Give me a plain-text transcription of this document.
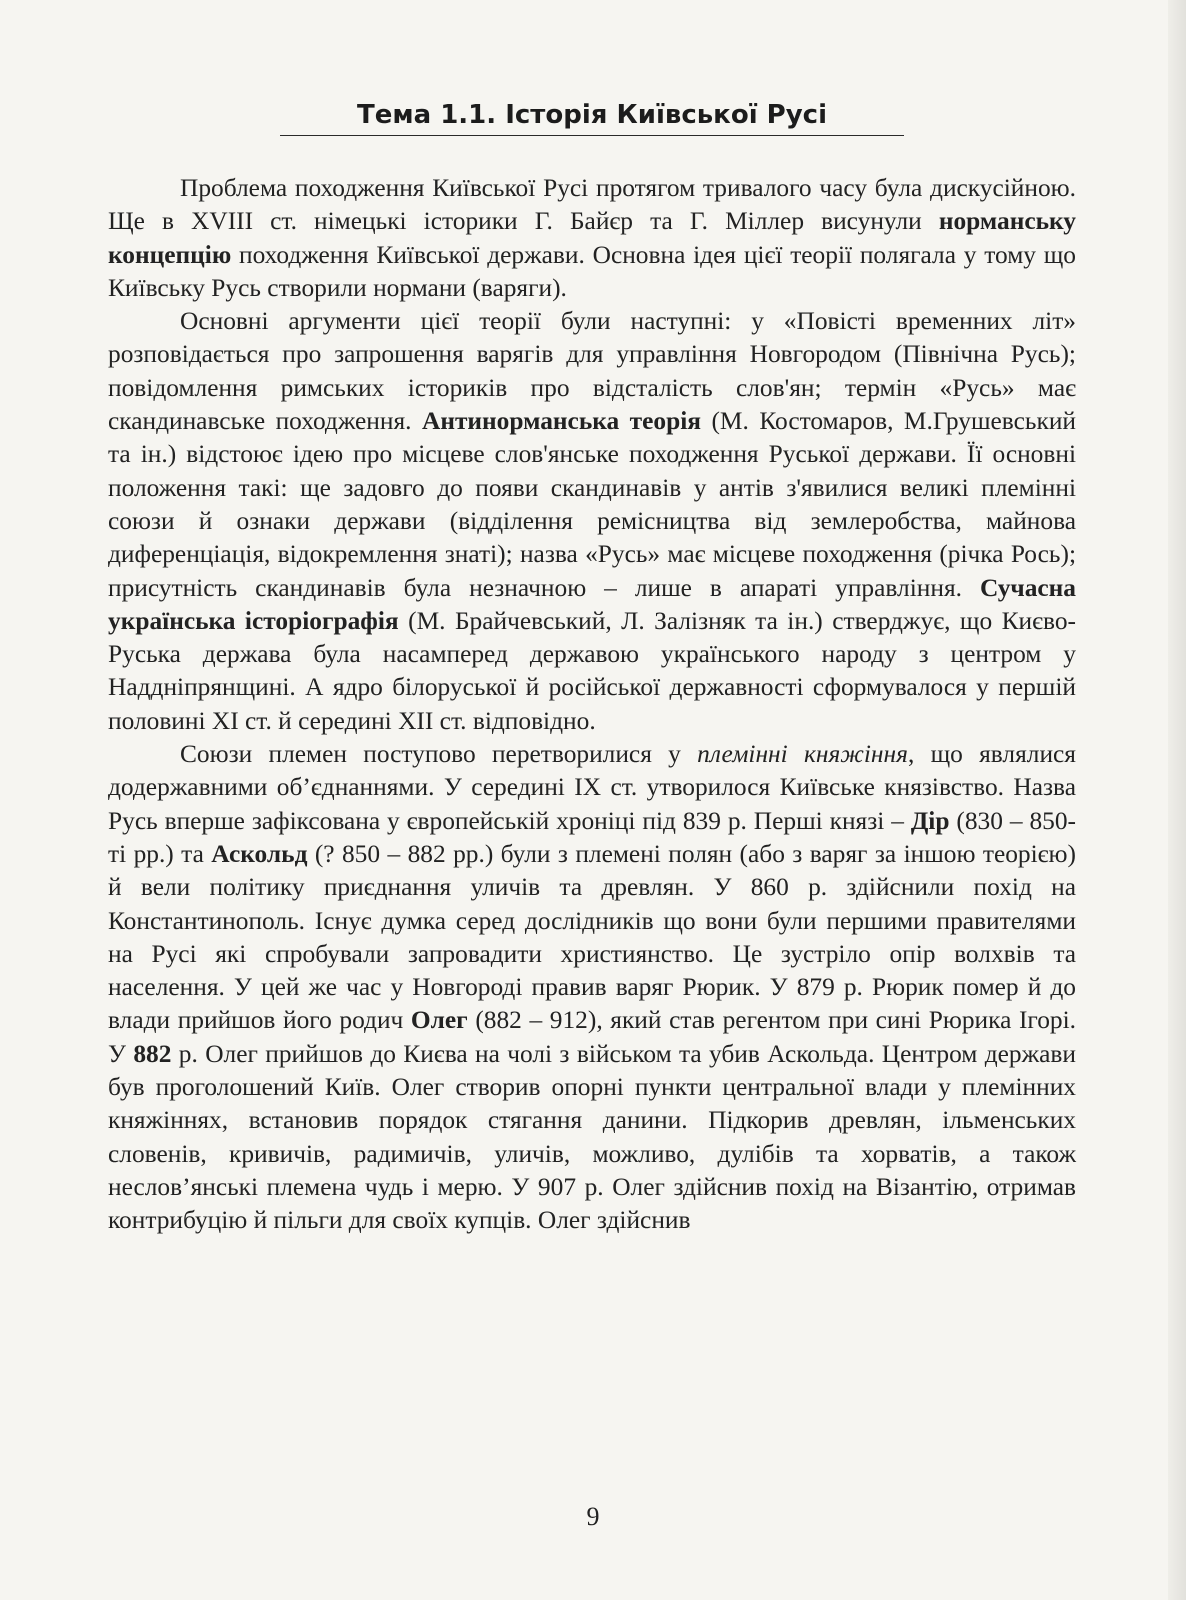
Тема 1.1. Історія Київської Русі

Проблема походження Київської Русі протягом тривалого часу була дискусійною. Ще в XVIII ст. німецькі історики Г. Байєр та Г. Міллер висунули норманську концепцію походження Київської держави. Основна ідея цієї теорії полягала у тому що Київську Русь створили нормани (варяги).

Основні аргументи цієї теорії були наступні: у «Повісті временних літ» розповідається про запрошення варягів для управління Новгородом (Північна Русь); повідомлення римських істориків про відсталість слов'ян; термін «Русь» має скандинавське походження. Антинорманська теорія (М. Костомаров, М.Грушевський та ін.) відстоює ідею про місцеве слов'янське походження Руської держави. Її основні положення такі: ще задовго до появи скандинавів у антів з'явилися великі племінні союзи й ознаки держави (відділення ремісництва від землеробства, майнова диференціація, відокремлення знаті); назва «Русь» має місцеве походження (річка Рось); присутність скандинавів була незначною – лише в апараті управління. Сучасна українська історіографія (М. Брайчевський, Л. Залізняк та ін.) стверджує, що Києво-Руська держава була насамперед державою українського народу з центром у Наддніпрянщині. А ядро білоруської й російської державності сформувалося у першій половині XI ст. й середині XII ст. відповідно.

Союзи племен поступово перетворилися у племінні княжіння, що являлися додержавними об’єднаннями. У середині IX ст. утворилося Київське князівство. Назва Русь вперше зафіксована у європейській хроніці під 839 р. Перші князі – Дір (830 – 850-ті рр.) та Аскольд (? 850 – 882 рр.) були з племені полян (або з варяг за іншою теорією) й вели політику приєднання уличів та древлян. У 860 р. здійснили похід на Константинополь. Існує думка серед дослідників що вони були першими правителями на Русі які спробували запровадити християнство. Це зустріло опір волхвів та населення. У цей же час у Новгороді правив варяг Рюрик. У 879 р. Рюрик помер й до влади прийшов його родич Олег (882 – 912), який став регентом при сині Рюрика Ігорі. У 882 р. Олег прийшов до Києва на чолі з військом та убив Аскольда. Центром держави був проголошений Київ. Олег створив опорні пункти центральної влади у племінних княжіннях, встановив порядок стягання данини. Підкорив древлян, ільменських словенів, кривичів, радимичів, уличів, можливо, дулібів та хорватів, а також неслов’янські племена чудь і мерю. У 907 р. Олег здійснив похід на Візантію, отримав контрибуцію й пільги для своїх купців. Олег здійснив

9
